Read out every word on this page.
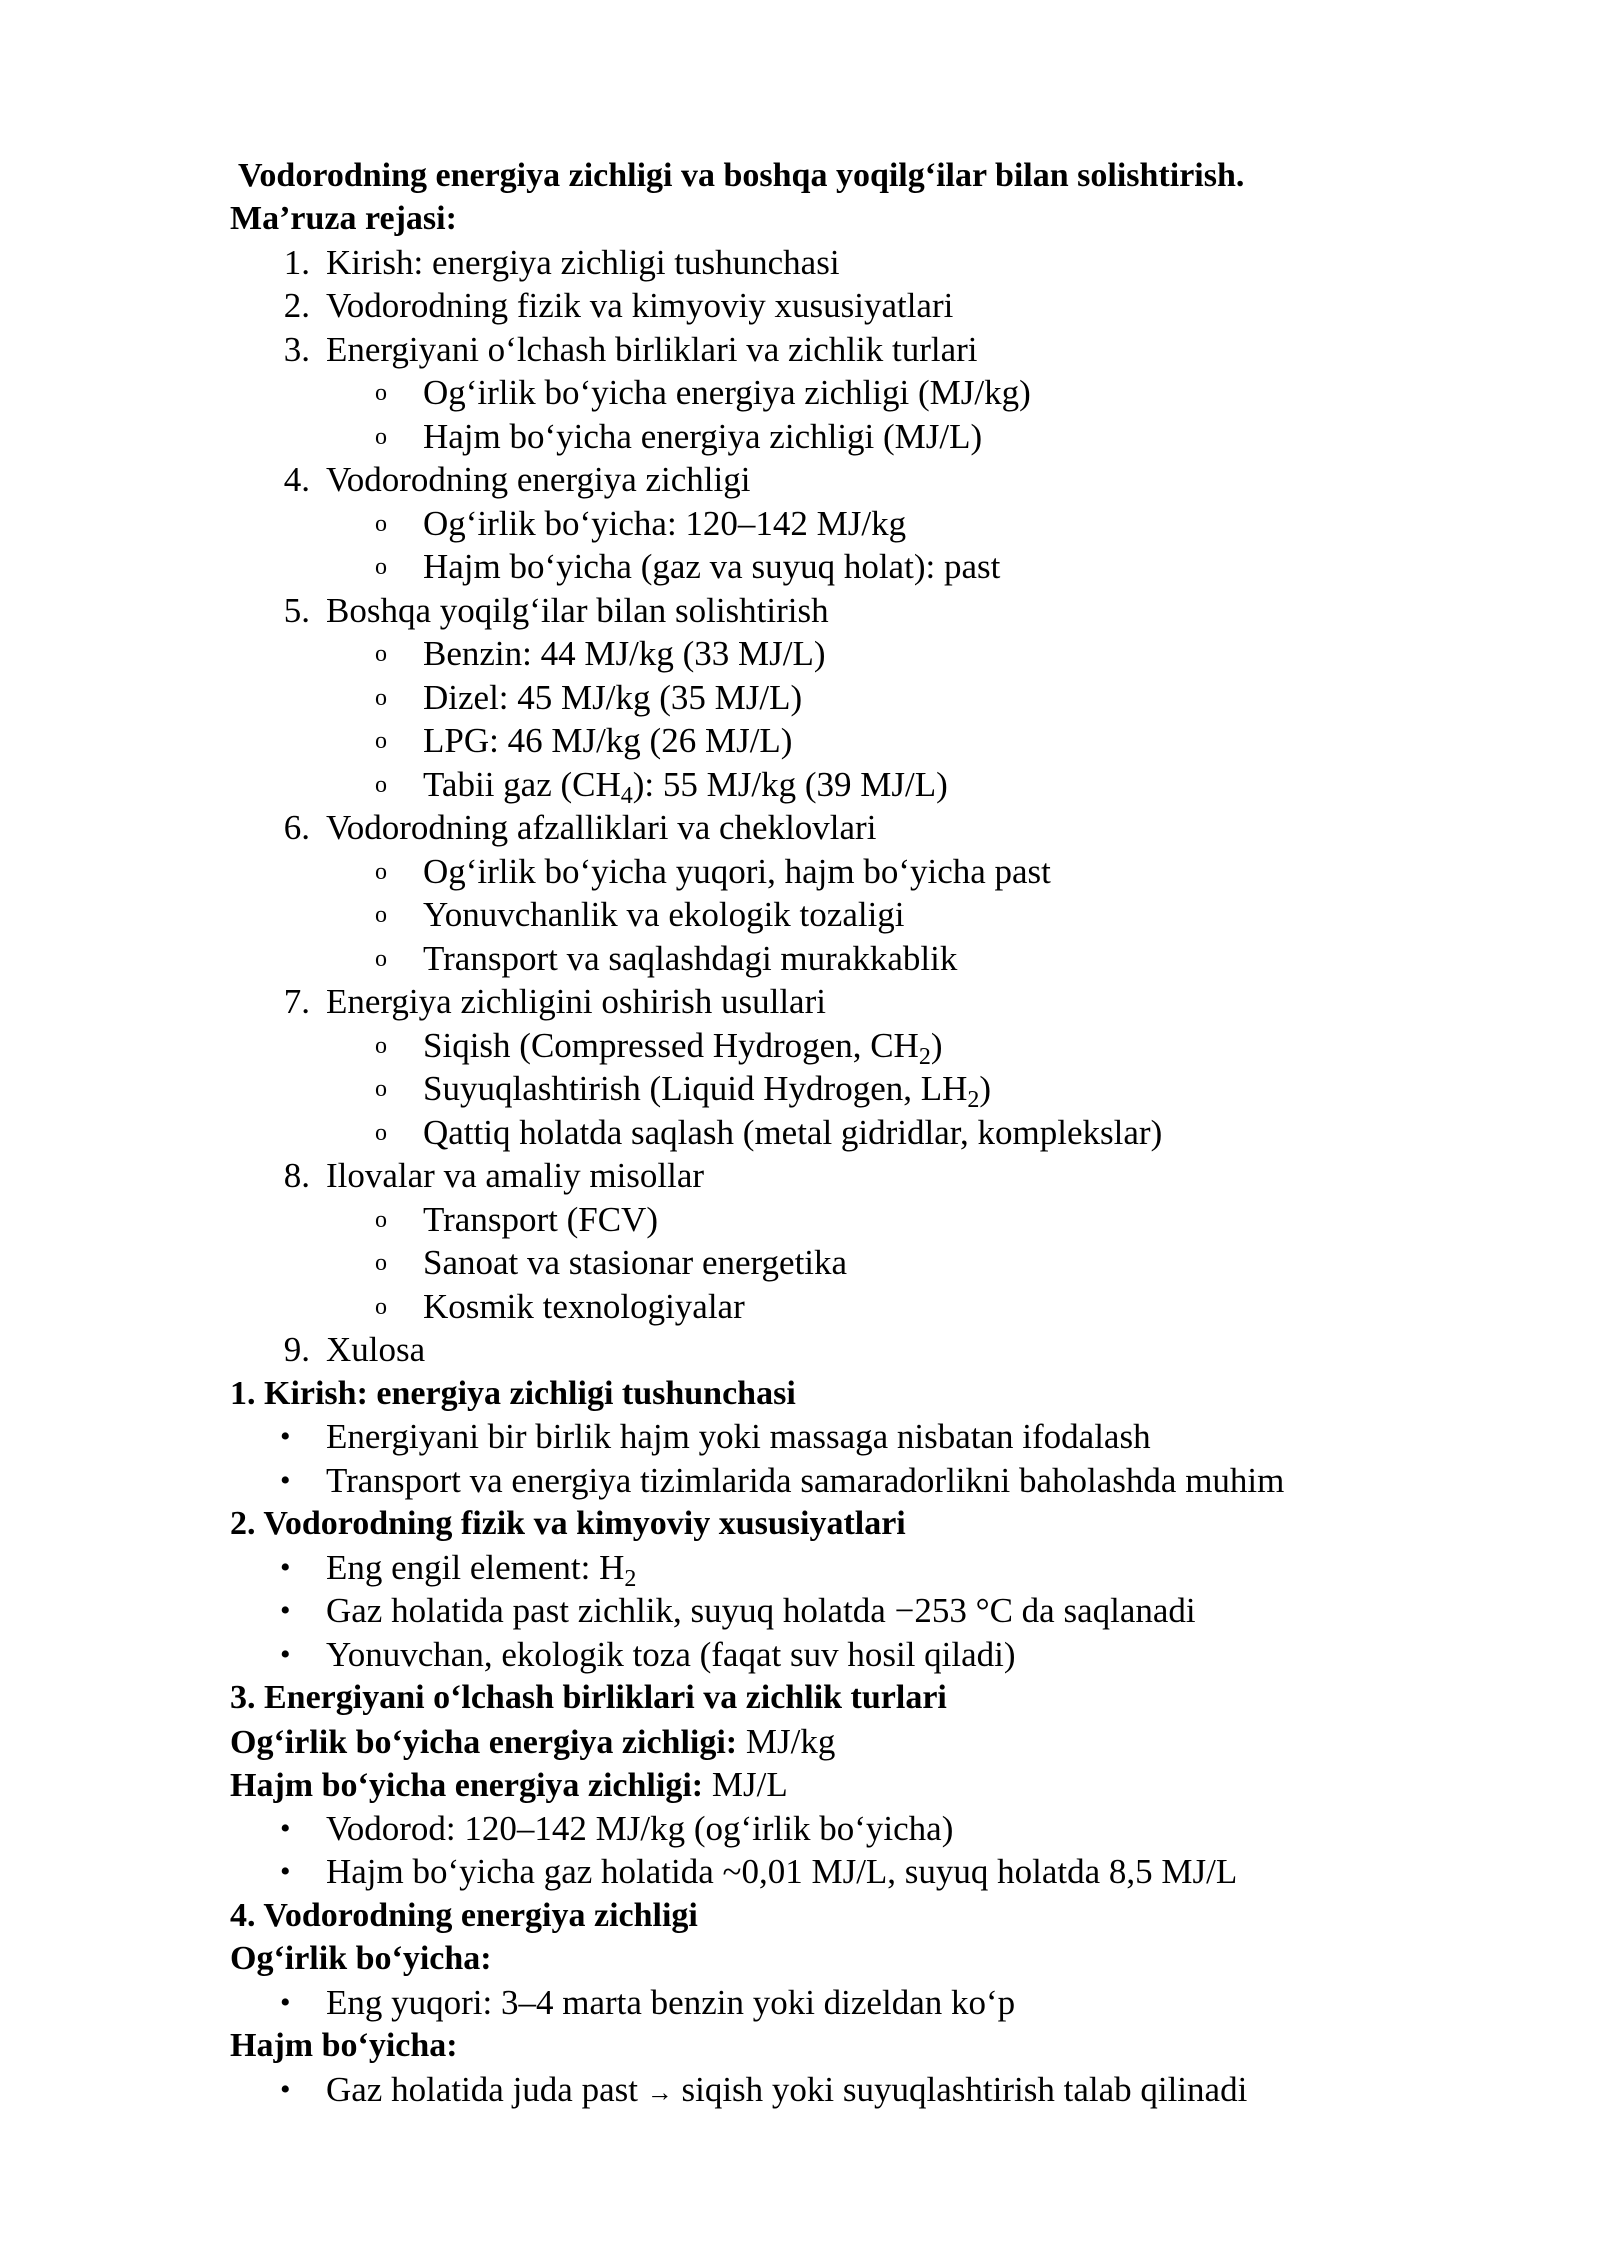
Vodorodning energiya zichligi va boshqa yoqilg‘ilar bilan solishtirish.
Ma’ruza rejasi:
1. Kirish: energiya zichligi tushunchasi
2. Vodorodning fizik va kimyoviy xususiyatlari
3. Energiyani o‘lchash birliklari va zichlik turlari
o Og‘irlik bo‘yicha energiya zichligi (MJ/kg)
o Hajm bo‘yicha energiya zichligi (MJ/L)
4. Vodorodning energiya zichligi
o Og‘irlik bo‘yicha: 120–142 MJ/kg
o Hajm bo‘yicha (gaz va suyuq holat): past
5. Boshqa yoqilg‘ilar bilan solishtirish
o Benzin: 44 MJ/kg (33 MJ/L)
o Dizel: 45 MJ/kg (35 MJ/L)
o LPG: 46 MJ/kg (26 MJ/L)
o Tabii gaz $(CH_4)$: 55 MJ/kg (39 MJ/L)
6. Vodorodning afzalliklari va cheklovlari
o Og‘irlik bo‘yicha yuqori, hajm bo‘yicha past
o Yonuvchanlik va ekologik tozaligi
o Transport va saqlashdagi murakkablik
7. Energiya zichligini oshirish usullari
o Siqish (Compressed Hydrogen, $CH_2$)
o Suyuqlashtirish (Liquid Hydrogen, $LH_2$)
o Qattiq holatda saqlash (metal gidridlar, komplekslar)
8. Ilovalar va amaliy misollar
o Transport (FCV)
o Sanoat va stasionar energetika
o Kosmik texnologiyalar
9. Xulosa
1. Kirish: energiya zichligi tushunchasi
• Energiyani bir birlik hajm yoki massaga nisbatan ifodalash
• Transport va energiya tizimlarida samaradorlikni baholashda muhim
2. Vodorodning fizik va kimyoviy xususiyatlari
• Eng engil element: $H_2$
• Gaz holatida past zichlik, suyuq holatda −253 °C da saqlanadi
• Yonuvchan, ekologik toza (faqat suv hosil qiladi)
3. Energiyani o‘lchash birliklari va zichlik turlari
Og‘irlik bo‘yicha energiya zichligi: MJ/kg
Hajm bo‘yicha energiya zichligi: MJ/L
• Vodorod: 120–142 MJ/kg (og‘irlik bo‘yicha)
• Hajm bo‘yicha gaz holatida ~0,01 MJ/L, suyuq holatda 8,5 MJ/L
4. Vodorodning energiya zichligi
Og‘irlik bo‘yicha:
• Eng yuqori: 3–4 marta benzin yoki dizeldan ko‘p
Hajm bo‘yicha:
• Gaz holatida juda past → siqish yoki suyuqlashtirish talab qilinadi
